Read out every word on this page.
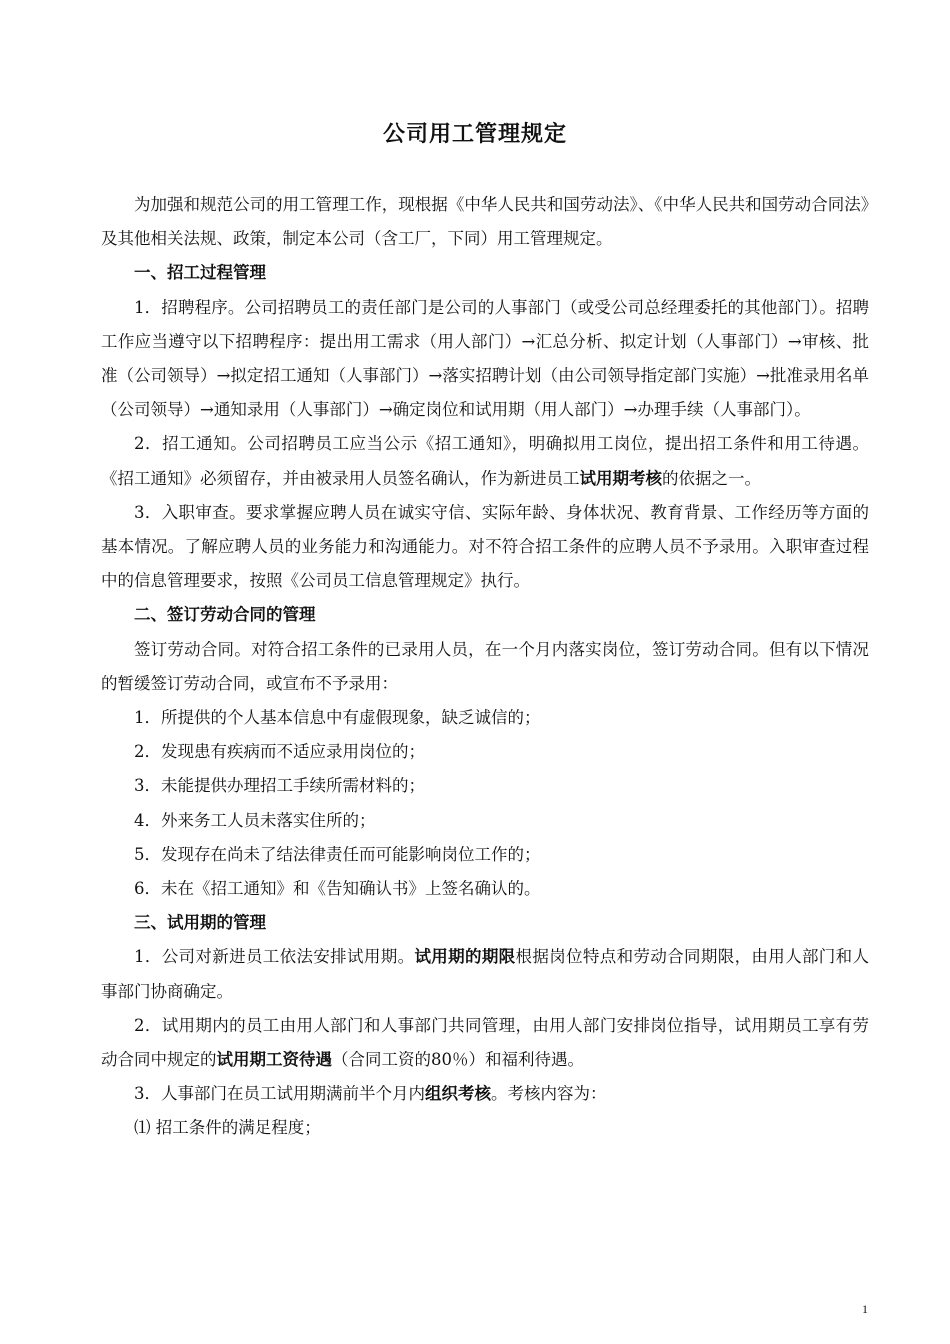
公司用工管理规定

为加强和规范公司的用工管理工作，现根据《中华人民共和国劳动法》、《中华人民共和国劳动合同法》及其他相关法规、政策，制定本公司（含工厂，下同）用工管理规定。

一、招工过程管理

1．招聘程序。公司招聘员工的责任部门是公司的人事部门（或受公司总经理委托的其他部门）。招聘工作应当遵守以下招聘程序：提出用工需求（用人部门）→汇总分析、拟定计划（人事部门）→审核、批准（公司领导）→拟定招工通知（人事部门）→落实招聘计划（由公司领导指定部门实施）→批准录用名单（公司领导）→通知录用（人事部门）→确定岗位和试用期（用人部门）→办理手续（人事部门）。

2．招工通知。公司招聘员工应当公示《招工通知》，明确拟用工岗位，提出招工条件和用工待遇。《招工通知》必须留存，并由被录用人员签名确认，作为新进员工试用期考核的依据之一。

3．入职审查。要求掌握应聘人员在诚实守信、实际年龄、身体状况、教育背景、工作经历等方面的基本情况。了解应聘人员的业务能力和沟通能力。对不符合招工条件的应聘人员不予录用。入职审查过程中的信息管理要求，按照《公司员工信息管理规定》执行。

二、签订劳动合同的管理

签订劳动合同。对符合招工条件的已录用人员，在一个月内落实岗位，签订劳动合同。但有以下情况的暂缓签订劳动合同，或宣布不予录用：

1．所提供的个人基本信息中有虚假现象，缺乏诚信的；

2．发现患有疾病而不适应录用岗位的；

3．未能提供办理招工手续所需材料的；

4．外来务工人员未落实住所的；

5．发现存在尚未了结法律责任而可能影响岗位工作的；

6．未在《招工通知》和《告知确认书》上签名确认的。

三、试用期的管理

1．公司对新进员工依法安排试用期。试用期的期限根据岗位特点和劳动合同期限，由用人部门和人事部门协商确定。

2．试用期内的员工由用人部门和人事部门共同管理，由用人部门安排岗位指导，试用期员工享有劳动合同中规定的试用期工资待遇（合同工资的80％）和福利待遇。

3．人事部门在员工试用期满前半个月内组织考核。考核内容为：

⑴ 招工条件的满足程度；

1
